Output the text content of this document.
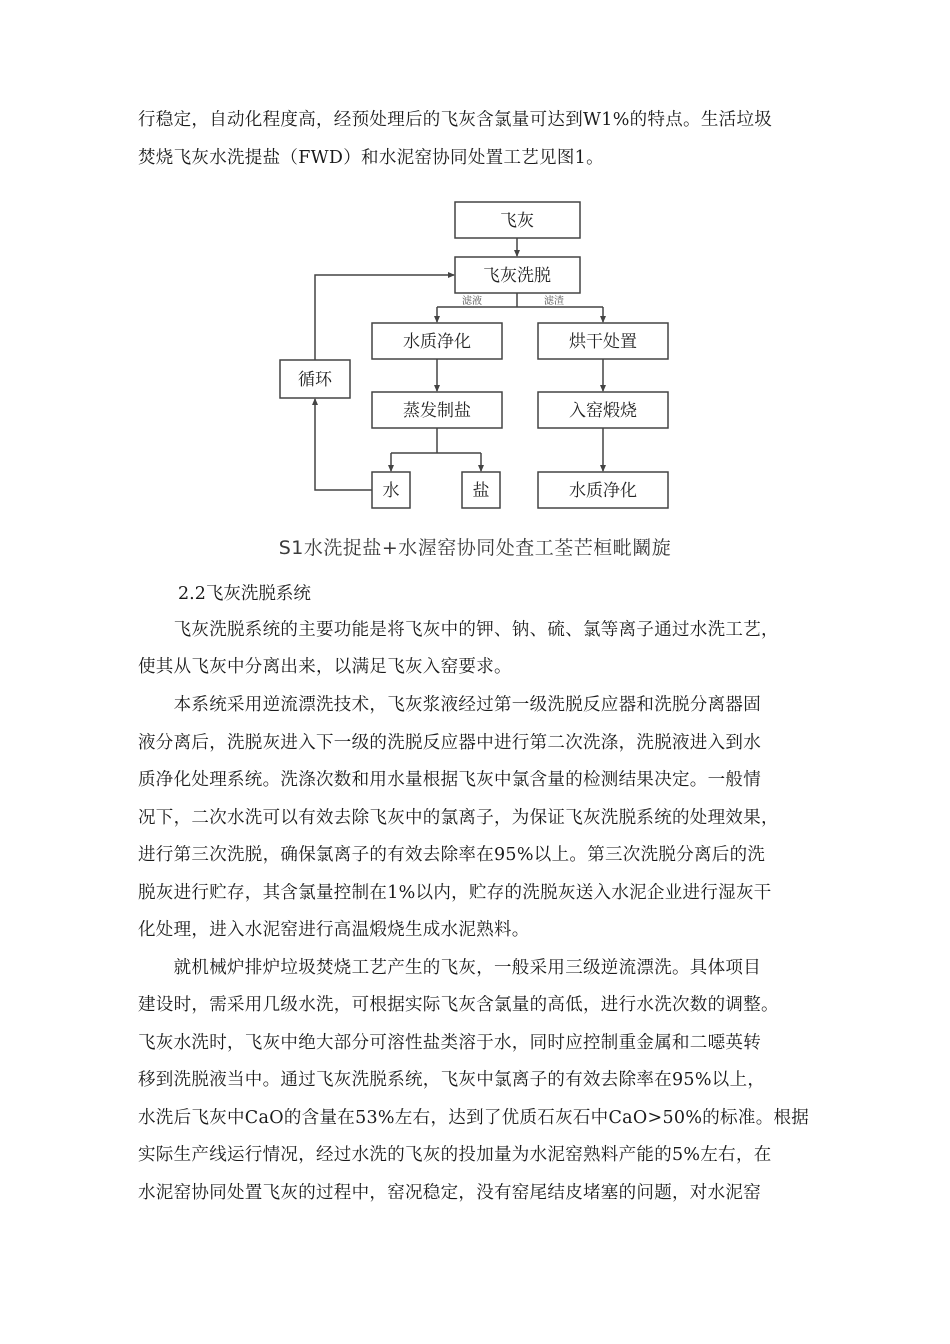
行稳定，自动化程度高，经预处理后的飞灰含氯量可达到W1%的特点。生活垃圾
焚烧飞灰水洗提盐（FWD）和水泥窑协同处置工艺见图1。
飞灰
飞灰洗脱
水质净化	烘干处置
蒸发制盐	入窑煅烧
循环
水	盐	水质净化
滤液	滤渣
S1水洗捉盐+水渥窑协同处査工荃芒桓毗鬫旋
2.2飞灰洗脱系统
　　飞灰洗脱系统的主要功能是将飞灰中的钾、钠、硫、氯等离子通过水洗工艺，
使其从飞灰中分离出来，以满足飞灰入窑要求。
　　本系统采用逆流漂洗技术，飞灰浆液经过第一级洗脱反应器和洗脱分离器固
液分离后，洗脱灰进入下一级的洗脱反应器中进行第二次洗涤，洗脱液进入到水
质净化处理系统。洗涤次数和用水量根据飞灰中氯含量的检测结果决定。一般情
况下，二次水洗可以有效去除飞灰中的氯离子，为保证飞灰洗脱系统的处理效果，
进行第三次洗脱，确保氯离子的有效去除率在95%以上。第三次洗脱分离后的洗
脱灰进行贮存，其含氯量控制在1%以内，贮存的洗脱灰送入水泥企业进行湿灰干
化处理，进入水泥窑进行高温煅烧生成水泥熟料。
　　就机械炉排炉垃圾焚烧工艺产生的飞灰，一般采用三级逆流漂洗。具体项目
建设时，需采用几级水洗，可根据实际飞灰含氯量的高低，进行水洗次数的调整。
飞灰水洗时，飞灰中绝大部分可溶性盐类溶于水，同时应控制重金属和二噁英转
移到洗脱液当中。通过飞灰洗脱系统，飞灰中氯离子的有效去除率在95%以上，
水洗后飞灰中CaO的含量在53%左右，达到了优质石灰石中CaO>50%的标准。根据
实际生产线运行情况，经过水洗的飞灰的投加量为水泥窑熟料产能的5%左右，在
水泥窑协同处置飞灰的过程中，窑况稳定，没有窑尾结皮堵塞的问题，对水泥窑
